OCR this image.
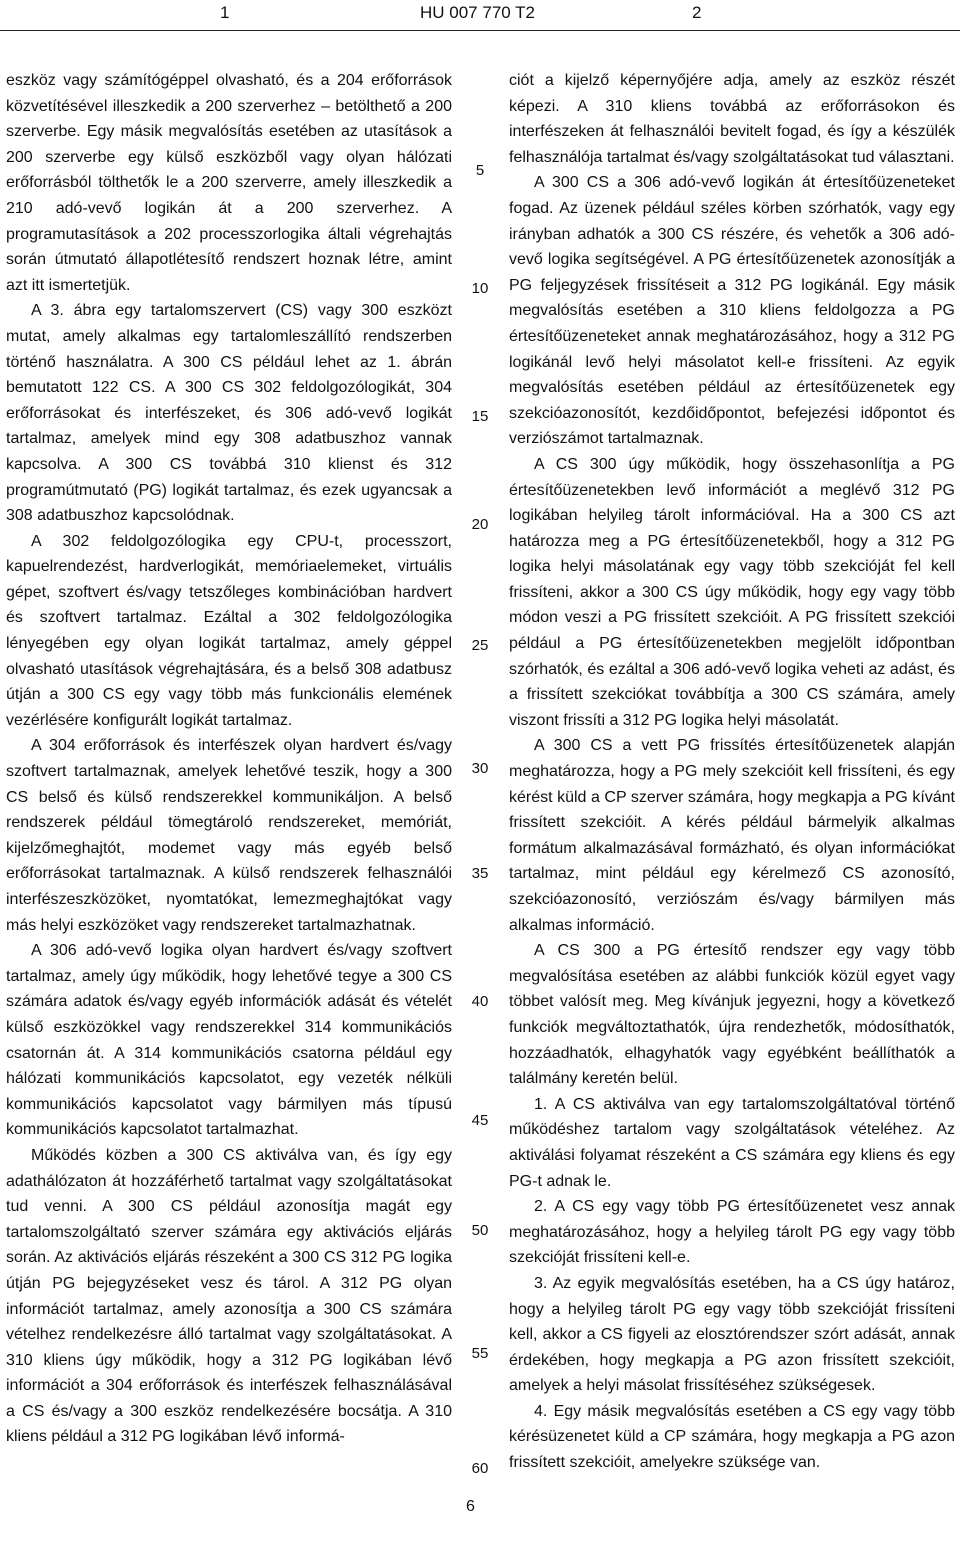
1	HU 007 770 T2	2

eszköz vagy számítógéppel olvasható, és a 204 erőforrások közvetítésével illeszkedik a 200 szerverhez – betölthető a 200 szerverbe. Egy másik megvalósítás esetében az utasítások a 200 szerverbe egy külső eszközből vagy olyan hálózati erőforrásból tölthetők le a 200 szerverre, amely illeszkedik a 210 adó-vevő logikán át a 200 szerverhez. A programutasítások a 202 processzorlogika általi végrehajtás során útmutató állapotlétesítő rendszert hoznak létre, amint azt itt ismertetjük.

A 3. ábra egy tartalomszervert (CS) vagy 300 eszközt mutat, amely alkalmas egy tartalomleszállító rendszerben történő használatra. A 300 CS például lehet az 1. ábrán bemutatott 122 CS. A 300 CS 302 feldolgozólogikát, 304 erőforrásokat és interfészeket, és 306 adó-vevő logikát tartalmaz, amelyek mind egy 308 adatbuszhoz vannak kapcsolva. A 300 CS továbbá 310 klienst és 312 programútmutató (PG) logikát tartalmaz, és ezek ugyancsak a 308 adatbuszhoz kapcsolódnak.

A 302 feldolgozólogika egy CPU-t, processzort, kapuelrendezést, hardverlogikát, memóriaelemeket, virtuális gépet, szoftvert és/vagy tetszőleges kombinációban hardvert és szoftvert tartalmaz. Ezáltal a 302 feldolgozólogika lényegében egy olyan logikát tartalmaz, amely géppel olvasható utasítások végrehajtására, és a belső 308 adatbusz útján a 300 CS egy vagy több más funkcionális elemének vezérlésére konfigurált logikát tartalmaz.

A 304 erőforrások és interfészek olyan hardvert és/vagy szoftvert tartalmaznak, amelyek lehetővé teszik, hogy a 300 CS belső és külső rendszerekkel kommunikáljon. A belső rendszerek például tömegtároló rendszereket, memóriát, kijelzőmeghajtót, modemet vagy más egyéb belső erőforrásokat tartalmaznak. A külső rendszerek felhasználói interfészeszközöket, nyomtatókat, lemezmeghajtókat vagy más helyi eszközöket vagy rendszereket tartalmazhatnak.

A 306 adó-vevő logika olyan hardvert és/vagy szoftvert tartalmaz, amely úgy működik, hogy lehetővé tegye a 300 CS számára adatok és/vagy egyéb információk adását és vételét külső eszközökkel vagy rendszerekkel 314 kommunikációs csatornán át. A 314 kommunikációs csatorna például egy hálózati kommunikációs kapcsolatot, egy vezeték nélküli kommunikációs kapcsolatot vagy bármilyen más típusú kommunikációs kapcsolatot tartalmazhat.

Működés közben a 300 CS aktiválva van, és így egy adathálózaton át hozzáférhető tartalmat vagy szolgáltatásokat tud venni. A 300 CS például azonosítja magát egy tartalomszolgáltató szerver számára egy aktivációs eljárás során. Az aktivációs eljárás részeként a 300 CS 312 PG logika útján PG bejegyzéseket vesz és tárol. A 312 PG olyan információt tartalmaz, amely azonosítja a 300 CS számára vételhez rendelkezésre álló tartalmat vagy szolgáltatásokat. A 310 kliens úgy működik, hogy a 312 PG logikában lévő információt a 304 erőforrások és interfészek felhasználásával a CS és/vagy a 300 eszköz rendelkezésére bocsátja. A 310 kliens például a 312 PG logikában lévő informá-

ciót a kijelző képernyőjére adja, amely az eszköz részét képezi. A 310 kliens továbbá az erőforrásokon és interfészeken át felhasználói bevitelt fogad, és így a készülék felhasználója tartalmat és/vagy szolgáltatásokat tud választani.

A 300 CS a 306 adó-vevő logikán át értesítőüzeneteket fogad. Az üzenek például széles körben szórhatók, vagy egy irányban adhatók a 300 CS részére, és vehetők a 306 adó-vevő logika segítségével. A PG értesítőüzenetek azonosítják a PG feljegyzések frissítéseit a 312 PG logikánál. Egy másik megvalósítás esetében a 310 kliens feldolgozza a PG értesítőüzeneteket annak meghatározásához, hogy a 312 PG logikánál levő helyi másolatot kell-e frissíteni. Az egyik megvalósítás esetében például az értesítőüzenetek egy szekcióazonosítót, kezdőidőpontot, befejezési időpontot és verziószámot tartalmaznak.

A CS 300 úgy működik, hogy összehasonlítja a PG értesítőüzenetekben levő információt a meglévő 312 PG logikában helyileg tárolt információval. Ha a 300 CS azt határozza meg a PG értesítőüzenetekből, hogy a 312 PG logika helyi másolatának egy vagy több szekcióját fel kell frissíteni, akkor a 300 CS úgy működik, hogy egy vagy több módon veszi a PG frissített szekcióit. A PG frissített szekciói például a PG értesítőüzenetekben megjelölt időpontban szórhatók, és ezáltal a 306 adó-vevő logika veheti az adást, és a frissített szekciókat továbbítja a 300 CS számára, amely viszont frissíti a 312 PG logika helyi másolatát.

A 300 CS a vett PG frissítés értesítőüzenetek alapján meghatározza, hogy a PG mely szekcióit kell frissíteni, és egy kérést küld a CP szerver számára, hogy megkapja a PG kívánt frissített szekcióit. A kérés például bármelyik alkalmas formátum alkalmazásával formázható, és olyan információkat tartalmaz, mint például egy kérelmező CS azonosító, szekcióazonosító, verziószám és/vagy bármilyen más alkalmas információ.

A CS 300 a PG értesítő rendszer egy vagy több megvalósítása esetében az alábbi funkciók közül egyet vagy többet valósít meg. Meg kívánjuk jegyezni, hogy a következő funkciók megváltoztathatók, újra rendezhetők, módosíthatók, hozzáadhatók, elhagyhatók vagy egyébként beállíthatók a találmány keretén belül.

1. A CS aktiválva van egy tartalomszolgáltatóval történő működéshez tartalom vagy szolgáltatások vételéhez. Az aktiválási folyamat részeként a CS számára egy kliens és egy PG-t adnak le.

2. A CS egy vagy több PG értesítőüzenetet vesz annak meghatározásához, hogy a helyileg tárolt PG egy vagy több szekcióját frissíteni kell-e.

3. Az egyik megvalósítás esetében, ha a CS úgy határoz, hogy a helyileg tárolt PG egy vagy több szekcióját frissíteni kell, akkor a CS figyeli az elosztórendszer szórt adását, annak érdekében, hogy megkapja a PG azon frissített szekcióit, amelyek a helyi másolat frissítéséhez szükségesek.

4. Egy másik megvalósítás esetében a CS egy vagy több kérésüzenetet küld a CP számára, hogy megkapja a PG azon frissített szekcióit, amelyekre szüksége van.

5
10
15
20
25
30
35
40
45
50
55
60
6
